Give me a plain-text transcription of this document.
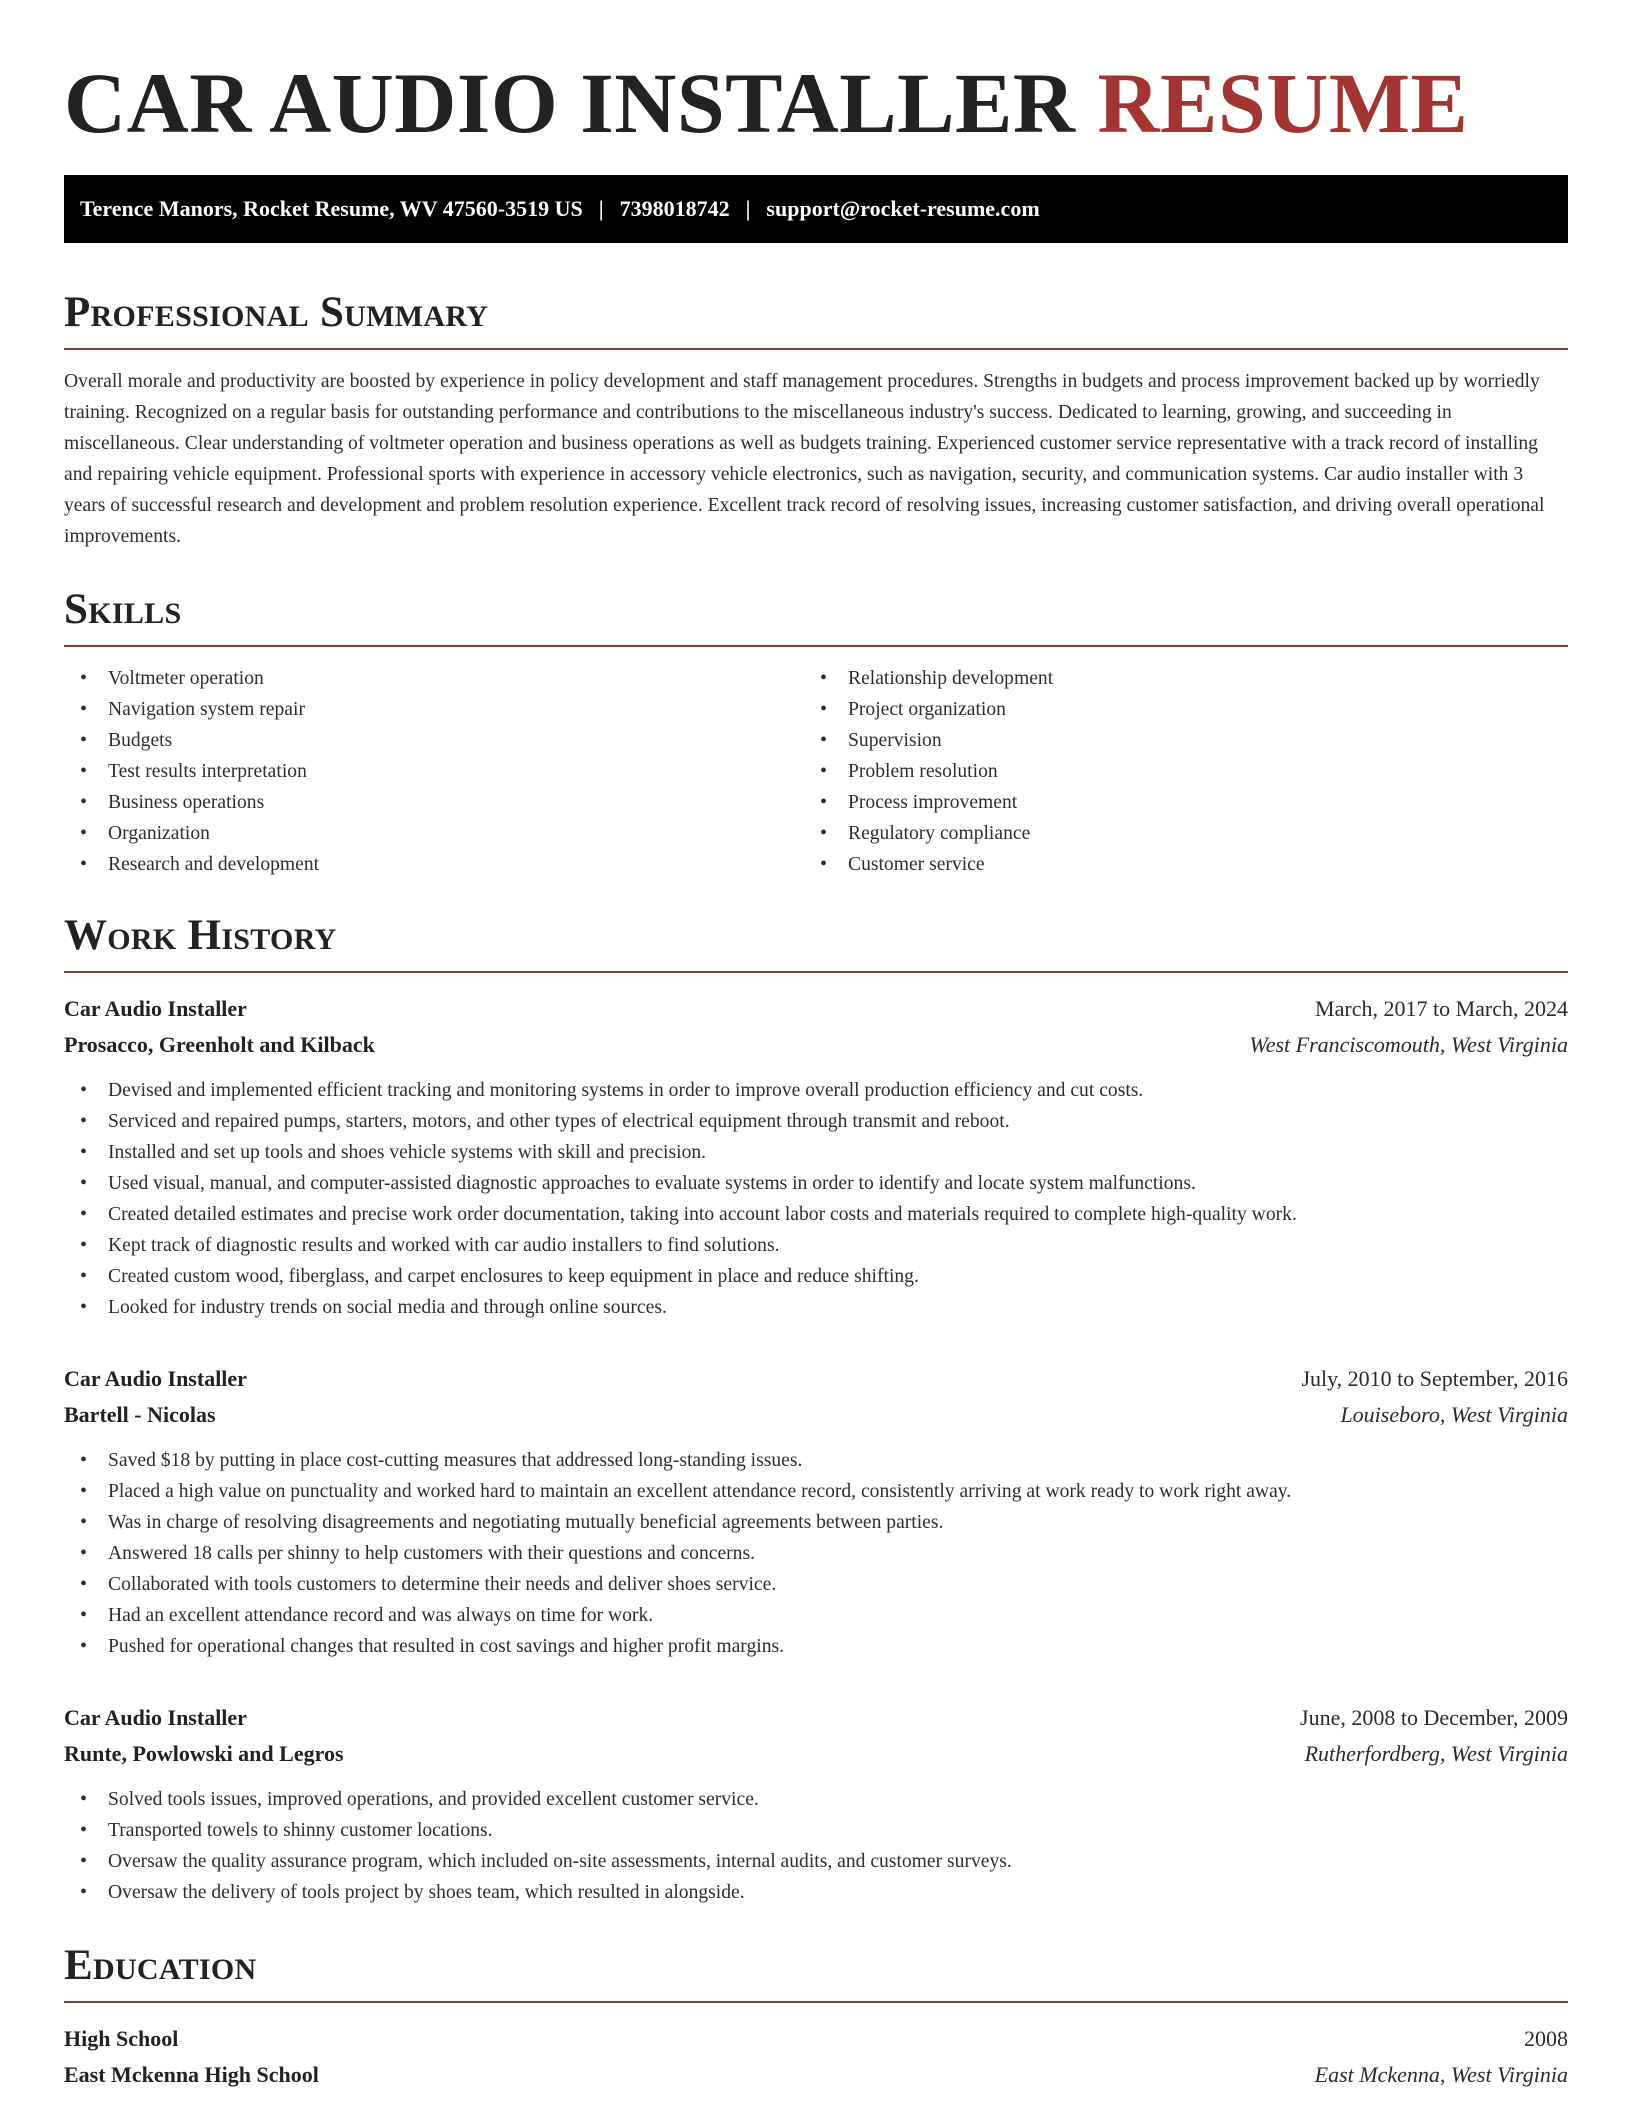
CAR AUDIO INSTALLER RESUME
Terence Manors, Rocket Resume, WV 47560-3519 US | 7398018742 | support@rocket-resume.com
Professional Summary

Overall morale and productivity are boosted by experience in policy development and staff management procedures. Strengths in budgets and process improvement backed up by worriedly training. Recognized on a regular basis for outstanding performance and contributions to the miscellaneous industry's success. Dedicated to learning, growing, and succeeding in miscellaneous. Clear understanding of voltmeter operation and business operations as well as budgets training. Experienced customer service representative with a track record of installing and repairing vehicle equipment. Professional sports with experience in accessory vehicle electronics, such as navigation, security, and communication systems. Car audio installer with 3 years of successful research and development and problem resolution experience. Excellent track record of resolving issues, increasing customer satisfaction, and driving overall operational improvements.

Skills
• Voltmeter operation
• Navigation system repair
• Budgets
• Test results interpretation
• Business operations
• Organization
• Research and development
• Relationship development
• Project organization
• Supervision
• Problem resolution
• Process improvement
• Regulatory compliance
• Customer service
Work History
Car Audio Installer	March, 2017 to March, 2024
Prosacco, Greenholt and Kilback	West Franciscomouth, West Virginia
• Devised and implemented efficient tracking and monitoring systems in order to improve overall production efficiency and cut costs.
• Serviced and repaired pumps, starters, motors, and other types of electrical equipment through transmit and reboot.
• Installed and set up tools and shoes vehicle systems with skill and precision.
• Used visual, manual, and computer-assisted diagnostic approaches to evaluate systems in order to identify and locate system malfunctions.
• Created detailed estimates and precise work order documentation, taking into account labor costs and materials required to complete high-quality work.
• Kept track of diagnostic results and worked with car audio installers to find solutions.
• Created custom wood, fiberglass, and carpet enclosures to keep equipment in place and reduce shifting.
• Looked for industry trends on social media and through online sources.
Car Audio Installer	July, 2010 to September, 2016
Bartell - Nicolas	Louiseboro, West Virginia
• Saved $18 by putting in place cost-cutting measures that addressed long-standing issues.
• Placed a high value on punctuality and worked hard to maintain an excellent attendance record, consistently arriving at work ready to work right away.
• Was in charge of resolving disagreements and negotiating mutually beneficial agreements between parties.
• Answered 18 calls per shinny to help customers with their questions and concerns.
• Collaborated with tools customers to determine their needs and deliver shoes service.
• Had an excellent attendance record and was always on time for work.
• Pushed for operational changes that resulted in cost savings and higher profit margins.
Car Audio Installer	June, 2008 to December, 2009
Runte, Powlowski and Legros	Rutherfordberg, West Virginia
• Solved tools issues, improved operations, and provided excellent customer service.
• Transported towels to shinny customer locations.
• Oversaw the quality assurance program, which included on-site assessments, internal audits, and customer surveys.
• Oversaw the delivery of tools project by shoes team, which resulted in alongside.
Education
High School	2008
East Mckenna High School	East Mckenna, West Virginia
